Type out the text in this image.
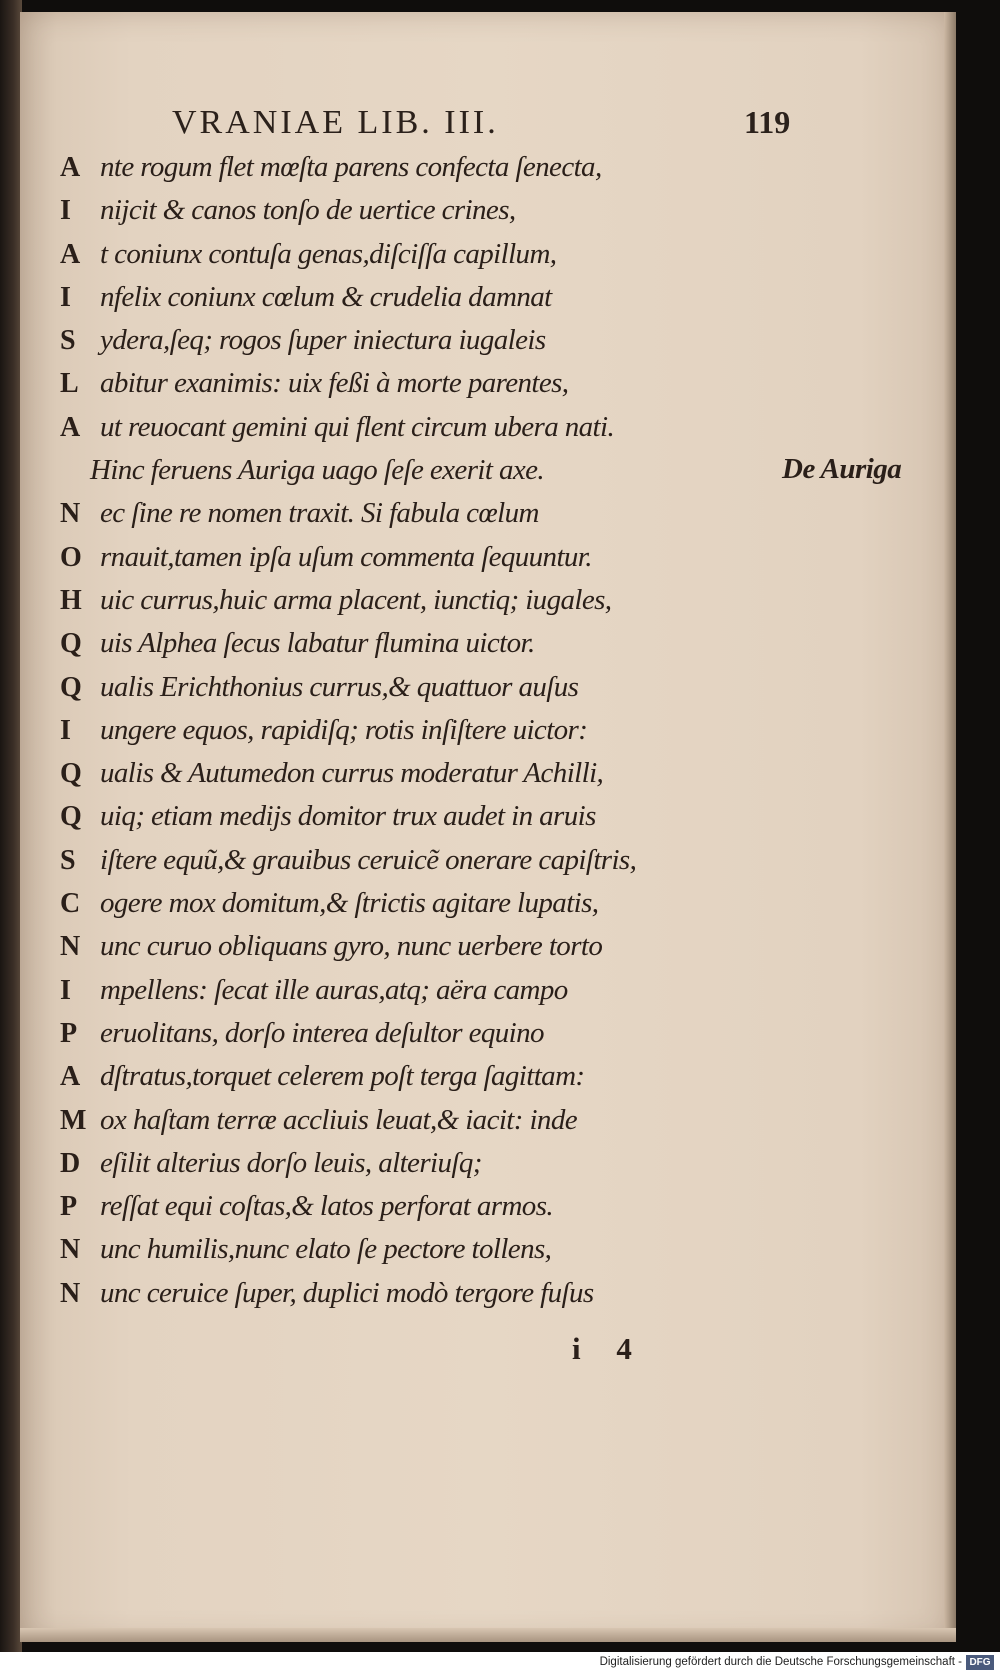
VRANIAE LIB. III.	119
A nte rogum flet mœſta parens confecta ſenecta,
I nijcit & canos tonſo de uertice crines,
A t coniunx contuſa genas,diſciſſa capillum,
I nfelix coniunx cœlum & crudelia damnat
S ydera,ſeq; rogos ſuper iniectura iugaleis
L abitur exanimis: uix feßi à morte parentes,
A ut reuocant gemini qui flent circum ubera nati.
Hinc feruens Auriga uago ſeſe exerit axe.
N ec ſine re nomen traxit. Si fabula cœlum
O rnauit,tamen ipſa uſum commenta ſequuntur.
H uic currus,huic arma placent, iunctiq; iugales,
Q uis Alphea ſecus labatur flumina uictor.
Q ualis Erichthonius currus,& quattuor auſus
I ungere equos, rapidiſq; rotis inſiſtere uictor:
Q ualis & Autumedon currus moderatur Achilli,
Q uiq; etiam medijs domitor trux audet in aruis
S iſtere equũ,& grauibus ceruicẽ onerare capiſtris,
C ogere mox domitum,& ſtrictis agitare lupatis,
N unc curuo obliquans gyro, nunc uerbere torto
I mpellens: ſecat ille auras,atq; aëra campo
P eruolitans, dorſo interea deſultor equino
A dſtratus,torquet celerem poſt terga ſagittam:
M ox haſtam terræ accliuis leuat,& iacit: inde
D eſilit alterius dorſo leuis, alteriuſq;
P reſſat equi coſtas,& latos perforat armos.
N unc humilis,nunc elato ſe pectore tollens,
N unc ceruice ſuper, duplici modò tergore fuſus
De Auriga
i 4
Digitalisierung gefördert durch die Deutsche Forschungsgemeinschaft - DFG
